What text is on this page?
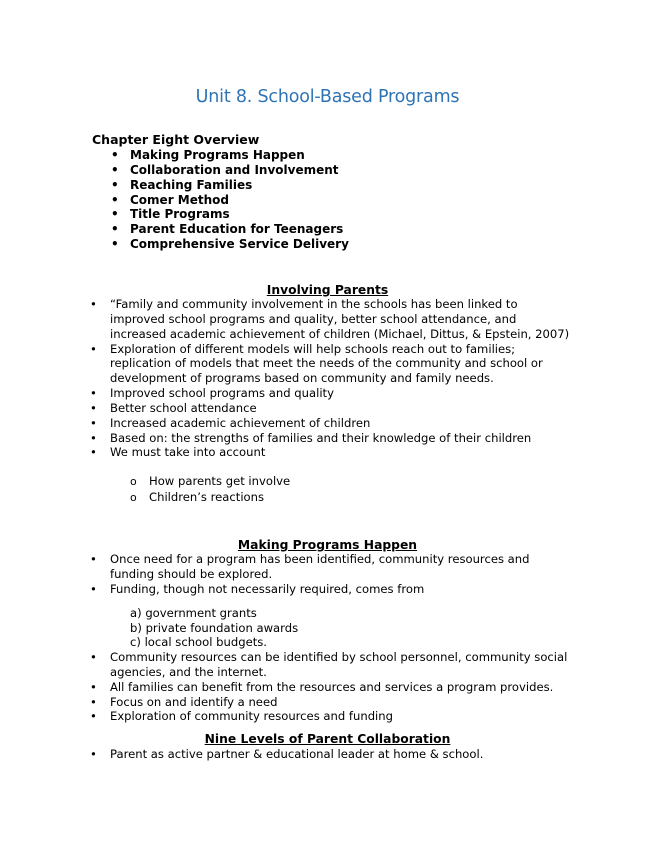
Unit 8. School-Based Programs
Chapter Eight Overview
• Making Programs Happen
• Collaboration and Involvement
• Reaching Families
• Comer Method
• Title Programs
• Parent Education for Teenagers
• Comprehensive Service Delivery
Involving Parents
• “Family and community involvement in the schools has been linked to improved school programs and quality, better school attendance, and increased academic achievement of children (Michael, Dittus, & Epstein, 2007)
• Exploration of different models will help schools reach out to families; replication of models that meet the needs of the community and school or development of programs based on community and family needs.
• Improved school programs and quality
• Better school attendance
• Increased academic achievement of children
• Based on: the strengths of families and their knowledge of their children
• We must take into account
o How parents get involve
o Children’s reactions
Making Programs Happen
• Once need for a program has been identified, community resources and funding should be explored.
• Funding, though not necessarily required, comes from
a) government grants
b) private foundation awards
c) local school budgets.
• Community resources can be identified by school personnel, community social agencies, and the internet.
• All families can benefit from the resources and services a program provides.
• Focus on and identify a need
• Exploration of community resources and funding
Nine Levels of Parent Collaboration
• Parent as active partner & educational leader at home & school.
